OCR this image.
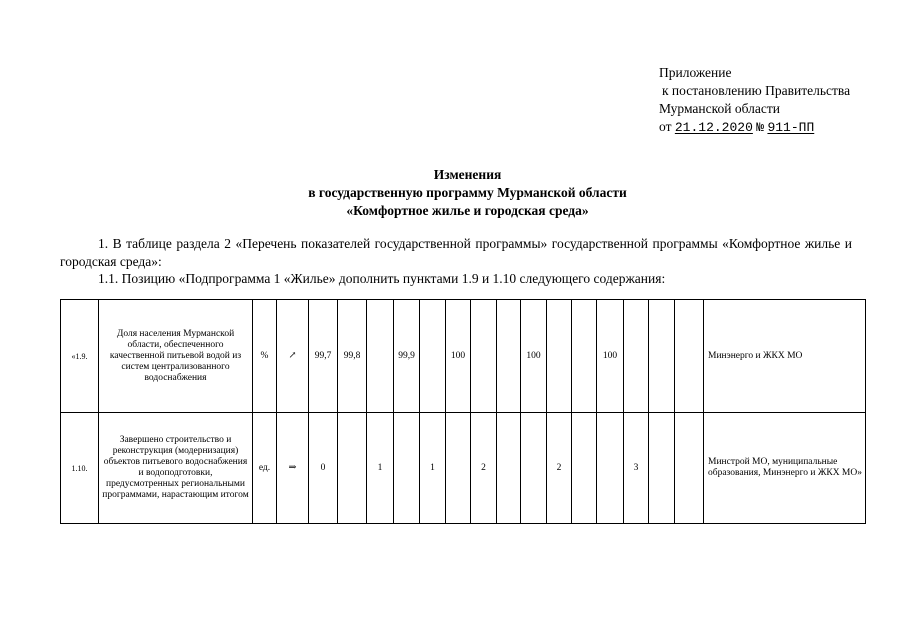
Приложение
к постановлению Правительства
Мурманской области
от 21.12.2020 № 911-ПП
Изменения
в государственную программу Мурманской области
«Комфортное жилье и городская среда»
1. В таблице раздела 2 «Перечень показателей государственной программы» государственной программы «Комфортное жилье и городская среда»:
1.1. Позицию «Подпрограмма 1 «Жилье» дополнить пунктами 1.9 и 1.10 следующего содержания:
«1.9.	Доля населения Мурманской области, обеспеченного качественной питьевой водой из систем централизованного водоснабжения	%	↗	99,7	99,8		99,9		100			100			100				Минэнерго и ЖКХ МО
1.10.	Завершено строительство и реконструкция (модернизация) объектов питьевого водоснабжения и водоподготовки, предусмотренных региональными программами, нарастающим итогом	ед.	⇒	0		1		1		2			2			3			Минстрой МО, муниципальные образования, Минэнерго и ЖКХ МО»
